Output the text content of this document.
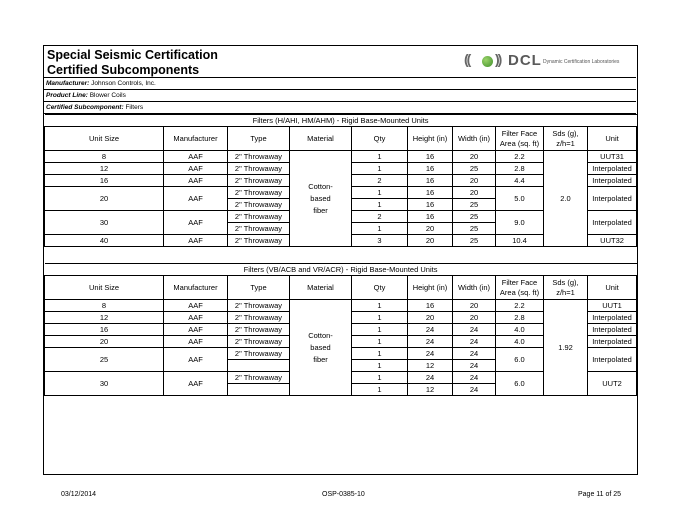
Special Seismic Certification
Certified Subcomponents
(( )) DCL Dynamic Certification Laboratories
Manufacturer: Johnson Controls, Inc.
Product Line: Blower Coils
Certified Subcomponent: Filters
Filters (H/AHI, HM/AHM) - Rigid Base-Mounted Units									
Unit Size	Manufacturer	Type	Material	Qty	Height (in)	Width (in)	Filter Face Area (sq. ft)	Sds (g), z/h=1	Unit
8	AAF	2" Throwaway	Cotton-based fiber	1	16	20	2.2	2.0	UUT31
12	AAF	2" Throwaway		1	16	25	2.8		Interpolated
16	AAF	2" Throwaway		2	16	20	4.4		Interpolated
20	AAF	2" Throwaway		1	16	20	5.0		Interpolated
		2" Throwaway		1	16	25			
30	AAF	2" Throwaway		2	16	25	9.0		Interpolated
		2" Throwaway		1	20	25			
40	AAF	2" Throwaway		3	20	25	10.4		UUT32
Filters (VB/ACB and VR/ACR) - Rigid Base-Mounted Units									
Unit Size	Manufacturer	Type	Material	Qty	Height (in)	Width (in)	Filter Face Area (sq. ft)	Sds (g), z/h=1	Unit
8	AAF	2" Throwaway	Cotton-based fiber	1	16	20	2.2	1.92	UUT1
12	AAF	2" Throwaway		1	20	20	2.8		Interpolated
16	AAF	2" Throwaway		1	24	24	4.0		Interpolated
20	AAF	2" Throwaway		1	24	24	4.0		Interpolated
25	AAF	2" Throwaway		1	24	24	6.0		Interpolated
				1	12	24			
30	AAF	2" Throwaway		1	24	24	6.0		UUT2
				1	12	24			
03/12/2014	OSP-0385-10	Page 11 of 25
